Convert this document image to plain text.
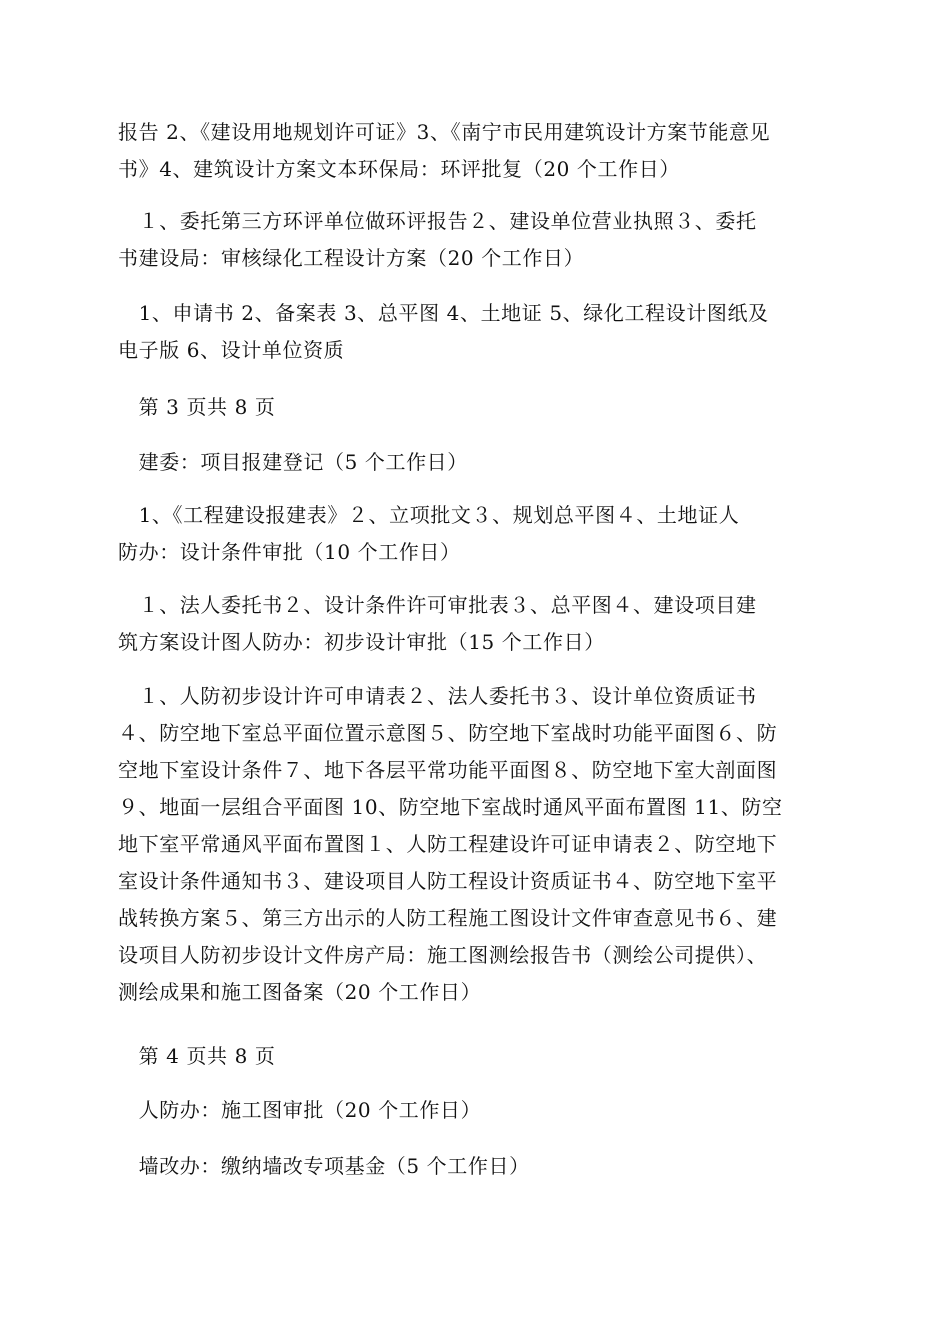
报告 2、《建设用地规划许可证》3、《南宁市民用建筑设计方案节能意见
书》4、建筑设计方案文本环保局：环评批复（20 个工作日）
　１、委托第三方环评单位做环评报告２、建设单位营业执照３、委托
书建设局：审核绿化工程设计方案（20 个工作日）
　1、申请书 2、备案表 3、总平图 4、土地证 5、绿化工程设计图纸及
电子版 6、设计单位资质
　第 3 页共 8 页
　建委：项目报建登记（5 个工作日）
　1、《工程建设报建表》２、立项批文３、规划总平图４、土地证人
防办：设计条件审批（10 个工作日）
　１、法人委托书２、设计条件许可审批表３、总平图４、建设项目建
筑方案设计图人防办：初步设计审批（15 个工作日）
　１、人防初步设计许可申请表２、法人委托书３、设计单位资质证书
４、防空地下室总平面位置示意图５、防空地下室战时功能平面图６、防
空地下室设计条件７、地下各层平常功能平面图８、防空地下室大剖面图
９、地面一层组合平面图 10、防空地下室战时通风平面布置图 11、防空
地下室平常通风平面布置图１、人防工程建设许可证申请表２、防空地下
室设计条件通知书３、建设项目人防工程设计资质证书４、防空地下室平
战转换方案５、第三方出示的人防工程施工图设计文件审查意见书６、建
设项目人防初步设计文件房产局：施工图测绘报告书（测绘公司提供）、
测绘成果和施工图备案（20 个工作日）
　第 4 页共 8 页
　人防办：施工图审批（20 个工作日）
　墙改办：缴纳墙改专项基金（5 个工作日）
